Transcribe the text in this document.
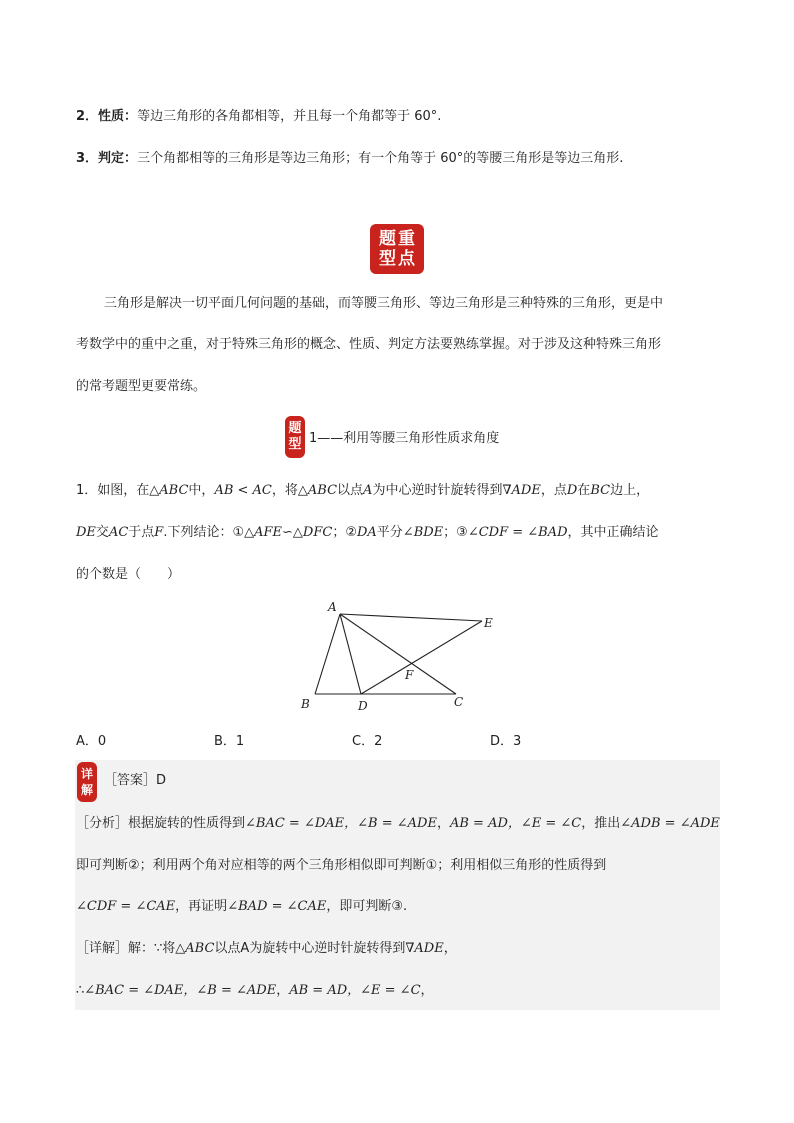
2．性质：等边三角形的各角都相等，并且每一个角都等于 60°.
3．判定：三个角都相等的三角形是等边三角形；有一个角等于 60°的等腰三角形是等边三角形.
题 重
型 点
三角形是解决一切平面几何问题的基础，而等腰三角形、等边三角形是三种特殊的三角形，更是中
考数学中的重中之重，对于特殊三角形的概念、性质、判定方法要熟练掌握。对于涉及这种特殊三角形
的常考题型更要常练。
题
型 1——利用等腰三角形性质求角度
1．如图，在△ABC中，AB < AC，将△ABC以点A为中心逆时针旋转得到∇ADE，点D在BC边上，
DE交AC于点F.下列结论：①△AFE∽△DFC；②DA平分∠BDE；③∠CDF = ∠BAD，其中正确结论
的个数是（　　）
A
B	C
D
E
F
A．0	B．1	C．2	D．3
详
解
［答案］D
［分析］根据旋转的性质得到∠BAC = ∠DAE，∠B = ∠ADE，AB = AD，∠E = ∠C，推出∠ADB = ∠ADE
即可判断②；利用两个角对应相等的两个三角形相似即可判断①；利用相似三角形的性质得到
∠CDF = ∠CAE，再证明∠BAD = ∠CAE，即可判断③.
［详解］解：∵将△ABC以点A为旋转中心逆时针旋转得到∇ADE，
∴∠BAC = ∠DAE，∠B = ∠ADE，AB = AD，∠E = ∠C，
